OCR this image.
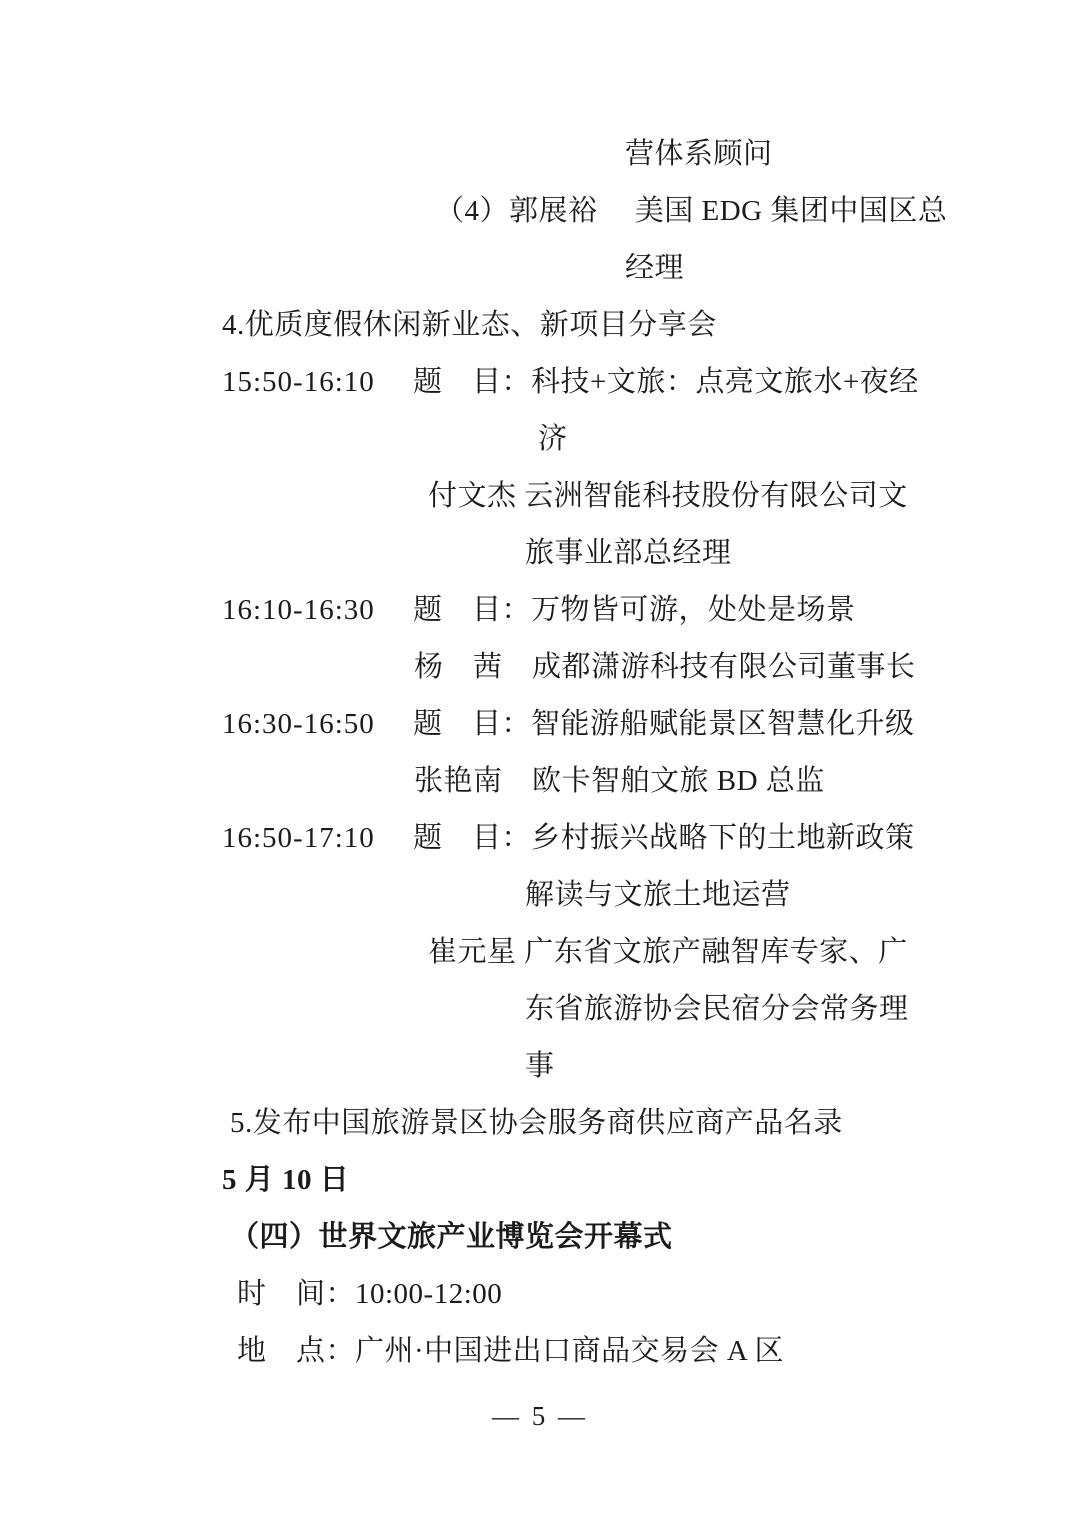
营体系顾问
（4）郭展裕　 美国 EDG 集团中国区总
经理
4.优质度假休闲新业态、新项目分享会
15:50-16:10 题　目：科技+文旅：点亮文旅水+夜经
济
付文杰 云洲智能科技股份有限公司文
旅事业部总经理
16:10-16:30 题　目：万物皆可游，处处是场景
杨　茜　成都潇游科技有限公司董事长
16:30-16:50 题　目：智能游船赋能景区智慧化升级
张艳南　欧卡智舶文旅 BD 总监
16:50-17:10 题　目：乡村振兴战略下的土地新政策
解读与文旅土地运营
崔元星 广东省文旅产融智库专家、广
东省旅游协会民宿分会常务理
事
5.发布中国旅游景区协会服务商供应商产品名录
5 月 10 日
（四）世界文旅产业博览会开幕式
时　间：10:00-12:00
地　点：广州·中国进出口商品交易会 A 区
— 5 —
